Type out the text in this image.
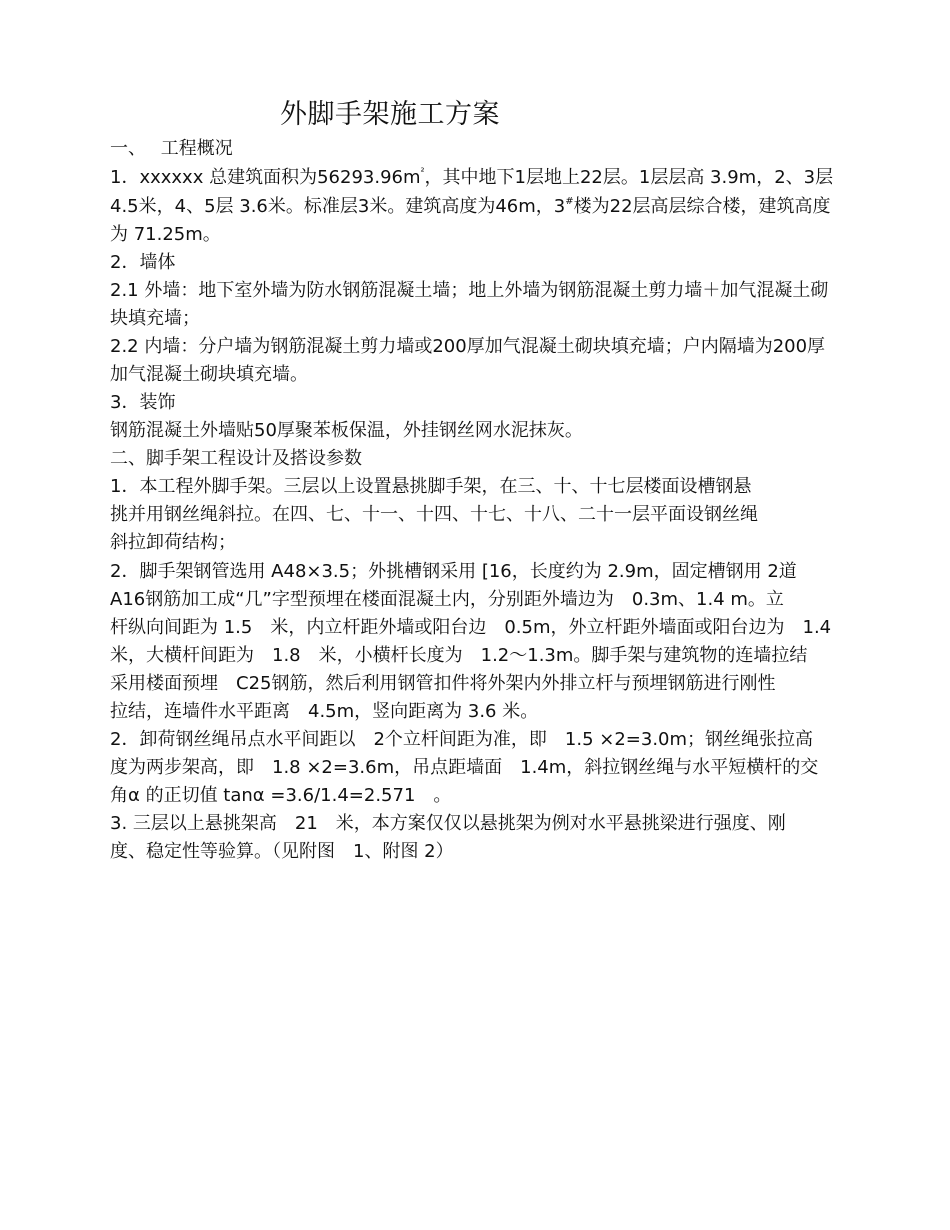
外脚手架施工方案
一、　 工程概况
1．xxxxxx 总建筑面积为$56293.96m^{^2}$，其中地下1层地上22层。1层层高 3.9m，2、3层
4.5米，4、5层 3.6米。标准层3米。建筑高度为46m，3#楼为22层高层综合楼，建筑高度
为 71.25m。
2．墙体
2.1 外墙：地下室外墙为防水钢筋混凝土墙；地上外墙为钢筋混凝土剪力墙＋加气混凝土砌
块填充墙；
2.2 内墙：分户墙为钢筋混凝土剪力墙或200厚加气混凝土砌块填充墙；户内隔墙为200厚
加气混凝土砌块填充墙。
3．装饰
钢筋混凝土外墙贴50厚聚苯板保温，外挂钢丝网水泥抹灰。
二、脚手架工程设计及搭设参数
1．本工程外脚手架。三层以上设置悬挑脚手架，在三、十、十七层楼面设槽钢悬
挑并用钢丝绳斜拉。在四、七、十一、十四、十七、十八、二十一层平面设钢丝绳
斜拉卸荷结构；
2．脚手架钢管选用 A48×3.5；外挑槽钢采用 [16，长度约为 2.9m，固定槽钢用 2道
A16钢筋加工成“几”字型预埋在楼面混凝土内，分别距外墙边为　0.3m、1.4 m。立
杆纵向间距为 1.5　米，内立杆距外墙或阳台边　0.5m，外立杆距外墙面或阳台边为　1.4
米，大横杆间距为　1.8　米，小横杆长度为　1.2～1.3m。脚手架与建筑物的连墙拉结
采用楼面预埋　C25钢筋，然后利用钢管扣件将外架内外排立杆与预埋钢筋进行刚性
拉结，连墙件水平距离　4.5m，竖向距离为 3.6 米。
2．卸荷钢丝绳吊点水平间距以　2个立杆间距为准，即　1.5 ×2=3.0m；钢丝绳张拉高
度为两步架高，即　1.8 ×2=3.6m，吊点距墙面　1.4m，斜拉钢丝绳与水平短横杆的交
角α 的正切值 tanα =3.6/1.4=2.571　。
3. 三层以上悬挑架高　21　米，本方案仅仅以悬挑架为例对水平悬挑梁进行强度、刚
度、稳定性等验算。（见附图　1、附图 2）
